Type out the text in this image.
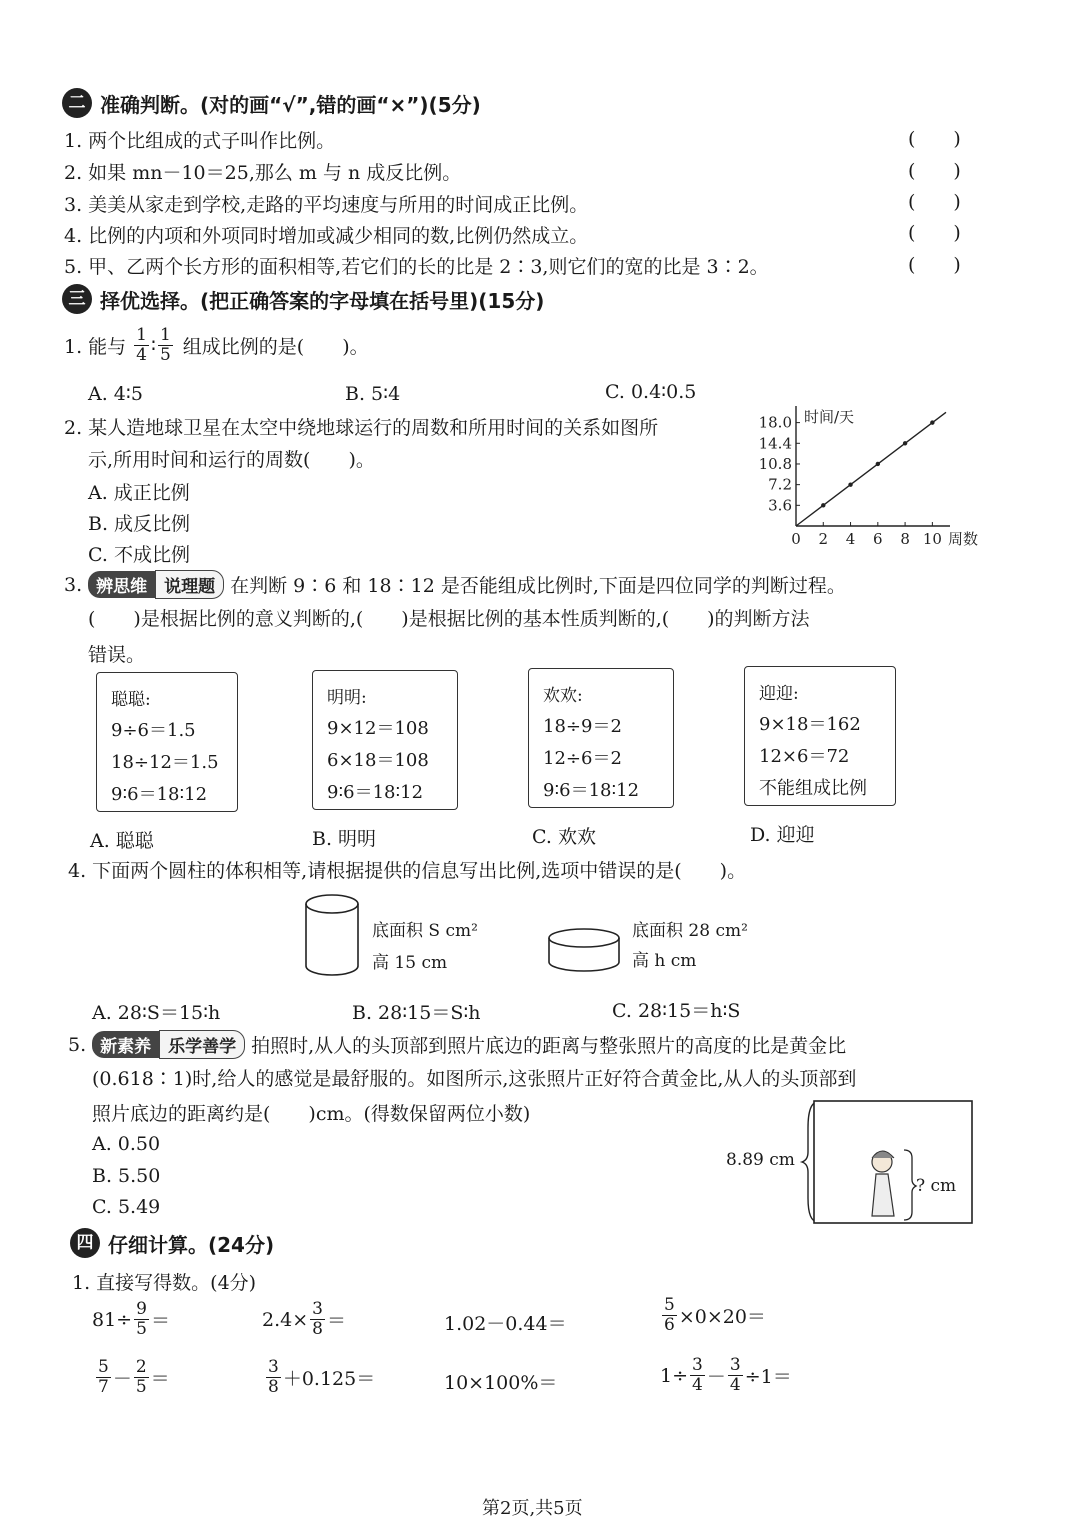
二 准确判断。(对的画“√”,错的画“×”)(5分)
1. 两个比组成的式子叫作比例。	(　　)
2. 如果 mn－10＝25,那么 m 与 n 成反比例。	(　　)
3. 美美从家走到学校,走路的平均速度与所用的时间成正比例。	(　　)
4. 比例的内项和外项同时增加或减少相同的数,比例仍然成立。	(　　)
5. 甲、乙两个长方形的面积相等,若它们的长的比是 2∶3,则它们的宽的比是 3∶2。	(　　)
三 择优选择。(把正确答案的字母填在括号里)(15分)
1. 能与 $\frac{1}{4}$ ∶ $\frac{1}{5}$ 组成比例的是(　　)。
A. 4∶5	B. 5∶4	C. 0.4∶0.5
2. 某人造地球卫星在太空中绕地球运行的周数和所用时间的关系如图所
示,所用时间和运行的周数(　　)。
A. 成正比例
B. 成反比例
C. 不成比例
0 2 4 6 8 10
3.6
7.2
10.8
14.4
18.0 时间/天
周数
3. 辨思维	说理题 在判断 9∶6 和 18∶12 是否能组成比例时,下面是四位同学的判断过程。
(　　)是根据比例的意义判断的,(　　)是根据比例的基本性质判断的,(　　)的判断方法
错误。
聪聪:
9÷6＝1.5
18÷12＝1.5
9∶6＝18∶12
明明:
9×12＝108
6×18＝108
9∶6＝18∶12
欢欢:
18÷9＝2
12÷6＝2
9∶6＝18∶12
迎迎:
9×18＝162
12×6＝72
不能组成比例
A. 聪聪	B. 明明	C. 欢欢	D. 迎迎
4. 下面两个圆柱的体积相等,请根据提供的信息写出比例,选项中错误的是(　　)。
底面积 S cm²
高 15 cm
底面积 28 cm²
高 h cm
A. 28∶S＝15∶h	B. 28∶15＝S∶h	C. 28∶15＝h∶S
5. 新素养	乐学善学 拍照时,从人的头顶部到照片底边的距离与整张照片的高度的比是黄金比
(0.618∶1)时,给人的感觉是最舒服的。如图所示,这张照片正好符合黄金比,从人的头顶部到
照片底边的距离约是(　　)cm。(得数保留两位小数)
A. 0.50
B. 5.50
C. 5.49
8.89 cm
? cm
四 仔细计算。(24分)
1. 直接写得数。(4分)
$81\div \frac{9}{5}$ ＝	$2.4\times \frac{3}{8}$ ＝	1.02－0.44＝	$\frac{5}{6} \times 0\times 20=$
$\frac{5}{7} - \frac{2}{5}$ ＝	$\frac{3}{8} +0.125=$	10×100%＝	$1\div \frac{3}{4} - \frac{3}{4} \div 1=$
第2页,共5页
